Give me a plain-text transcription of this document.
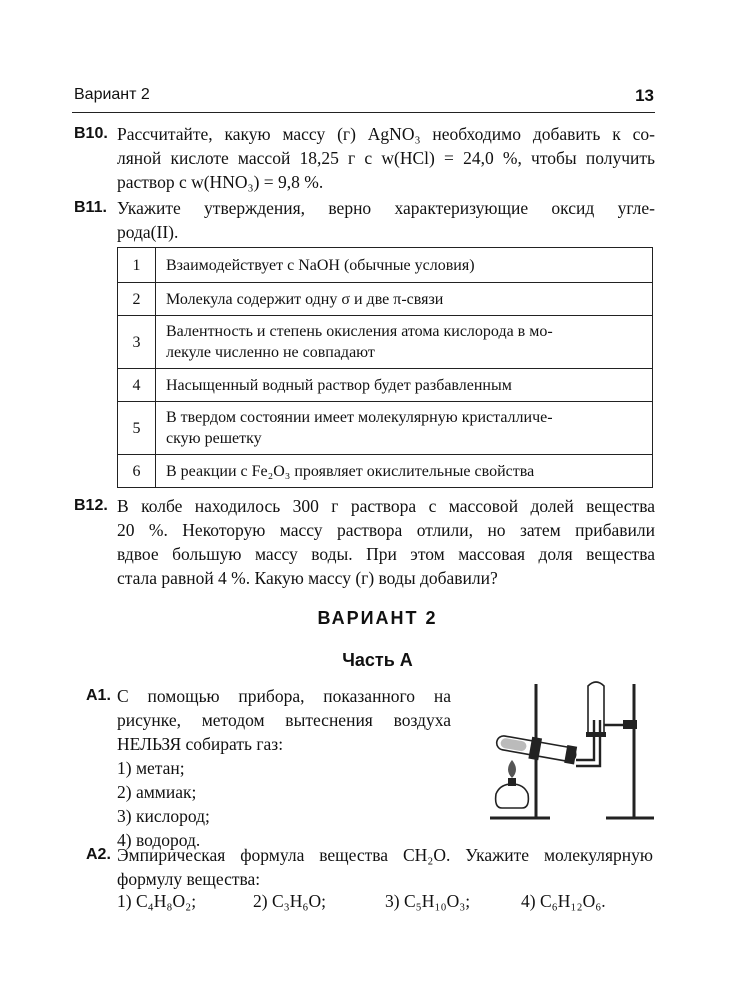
Вариант 2	13
B10. Рассчитайте, какую массу (г) AgNO₃ необходимо добавить к со-
ляной кислоте массой 18,25 г с w(HCl) = 24,0 %, чтобы получить
раствор с w(HNO₃) = 9,8 %.
B11. Укажите утверждения, верно характеризующие оксид угле-
рода(II).
1	Взаимодействует с NaOH (обычные условия)
2	Молекула содержит одну σ и две π-связи
3	Валентность и степень окисления атома кислорода в мо-
лекуле численно не совпадают
4	Насыщенный водный раствор будет разбавленным
5	В твердом состоянии имеет молекулярную кристалличе-
скую решетку
6	В реакции с Fe₂O₃ проявляет окислительные свойства
B12. В колбе находилось 300 г раствора с массовой долей вещества
20 %. Некоторую массу раствора отлили, но затем прибавили
вдвое большую массу воды. При этом массовая доля вещества
стала равной 4 %. Какую массу (г) воды добавили?
ВАРИАНТ 2
Часть А
A1. С помощью прибора, показанного на
рисунке, методом вытеснения воздуха
НЕЛЬЗЯ собирать газ:
1) метан;
2) аммиак;
3) кислород;
4) водород.
A2. Эмпирическая формула вещества CH₂O. Укажите молекулярную
формулу вещества:
1) C₄H₈O₂;	2) C₃H₆O;	3) C₅H₁₀O₃;	4) C₆H₁₂O₆.
